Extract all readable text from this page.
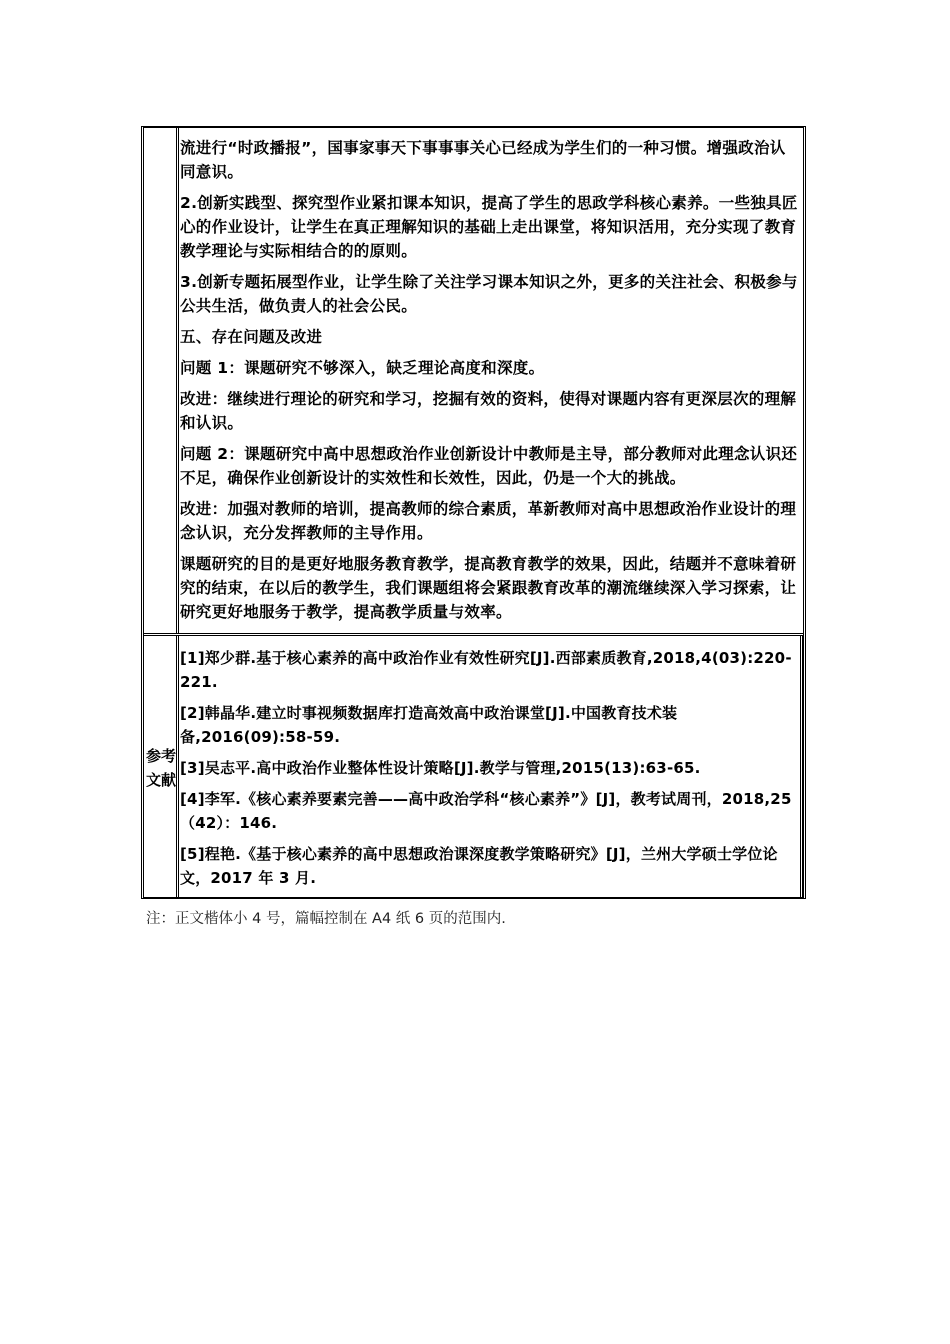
流进行“时政播报”，国事家事天下事事事关心已经成为学生们的一种习惯。增强政治认同意识。

2.创新实践型、探究型作业紧扣课本知识，提高了学生的思政学科核心素养。一些独具匠心的作业设计，让学生在真正理解知识的基础上走出课堂，将知识活用，充分实现了教育教学理论与实际相结合的的原则。

3.创新专题拓展型作业，让学生除了关注学习课本知识之外，更多的关注社会、积极参与公共生活，做负责人的社会公民。

五、存在问题及改进

问题 1：课题研究不够深入，缺乏理论高度和深度。

改进：继续进行理论的研究和学习，挖掘有效的资料，使得对课题内容有更深层次的理解和认识。

问题 2：课题研究中高中思想政治作业创新设计中教师是主导，部分教师对此理念认识还不足，确保作业创新设计的实效性和长效性，因此，仍是一个大的挑战。

改进：加强对教师的培训，提高教师的综合素质，革新教师对高中思想政治作业设计的理念认识，充分发挥教师的主导作用。

课题研究的目的是更好地服务教育教学，提高教育教学的效果，因此，结题并不意味着研究的结束，在以后的教学生，我们课题组将会紧跟教育改革的潮流继续深入学习探索，让研究更好地服务于教学，提高教学质量与效率。

参考
文献

[1]郑少群.基于核心素养的高中政治作业有效性研究[J].西部素质教育,2018,4(03):220-221.

[2]韩晶华.建立时事视频数据库打造高效高中政治课堂[J].中国教育技术装备,2016(09):58-59.

[3]吴志平.高中政治作业整体性设计策略[J].教学与管理,2015(13):63-65.

[4]李军.《核心素养要素完善——高中政治学科“核心素养”》[J]，教考试周刊，2018,25（42）：146.

[5]程艳.《基于核心素养的高中思想政治课深度教学策略研究》[J]，兰州大学硕士学位论文，2017 年 3 月.

注：正文楷体小 4 号，篇幅控制在 A4 纸 6 页的范围内.
